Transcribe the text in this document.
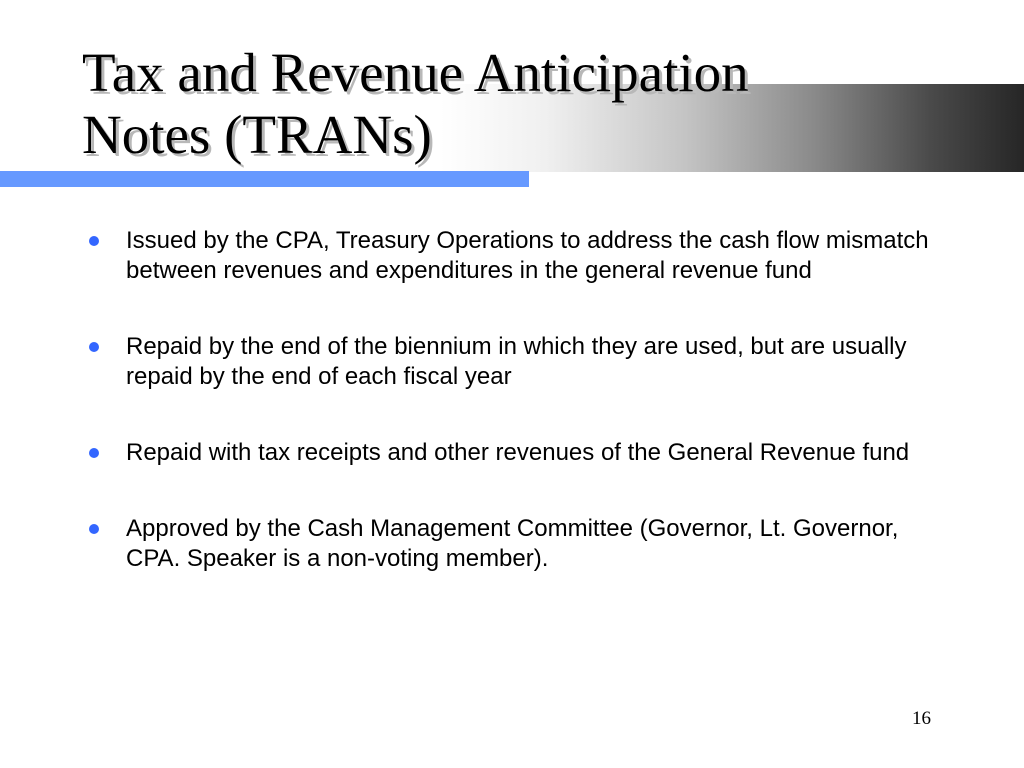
Tax and Revenue Anticipation
Notes (TRANs)
Issued by the CPA, Treasury Operations to address the cash flow mismatch between revenues and expenditures in the general revenue fund
Repaid by the end of the biennium in which they are used, but are usually repaid by the end of each fiscal year
Repaid with tax receipts and other revenues of the General Revenue fund
Approved by the Cash Management Committee (Governor, Lt. Governor, CPA. Speaker is a non-voting member).
16
